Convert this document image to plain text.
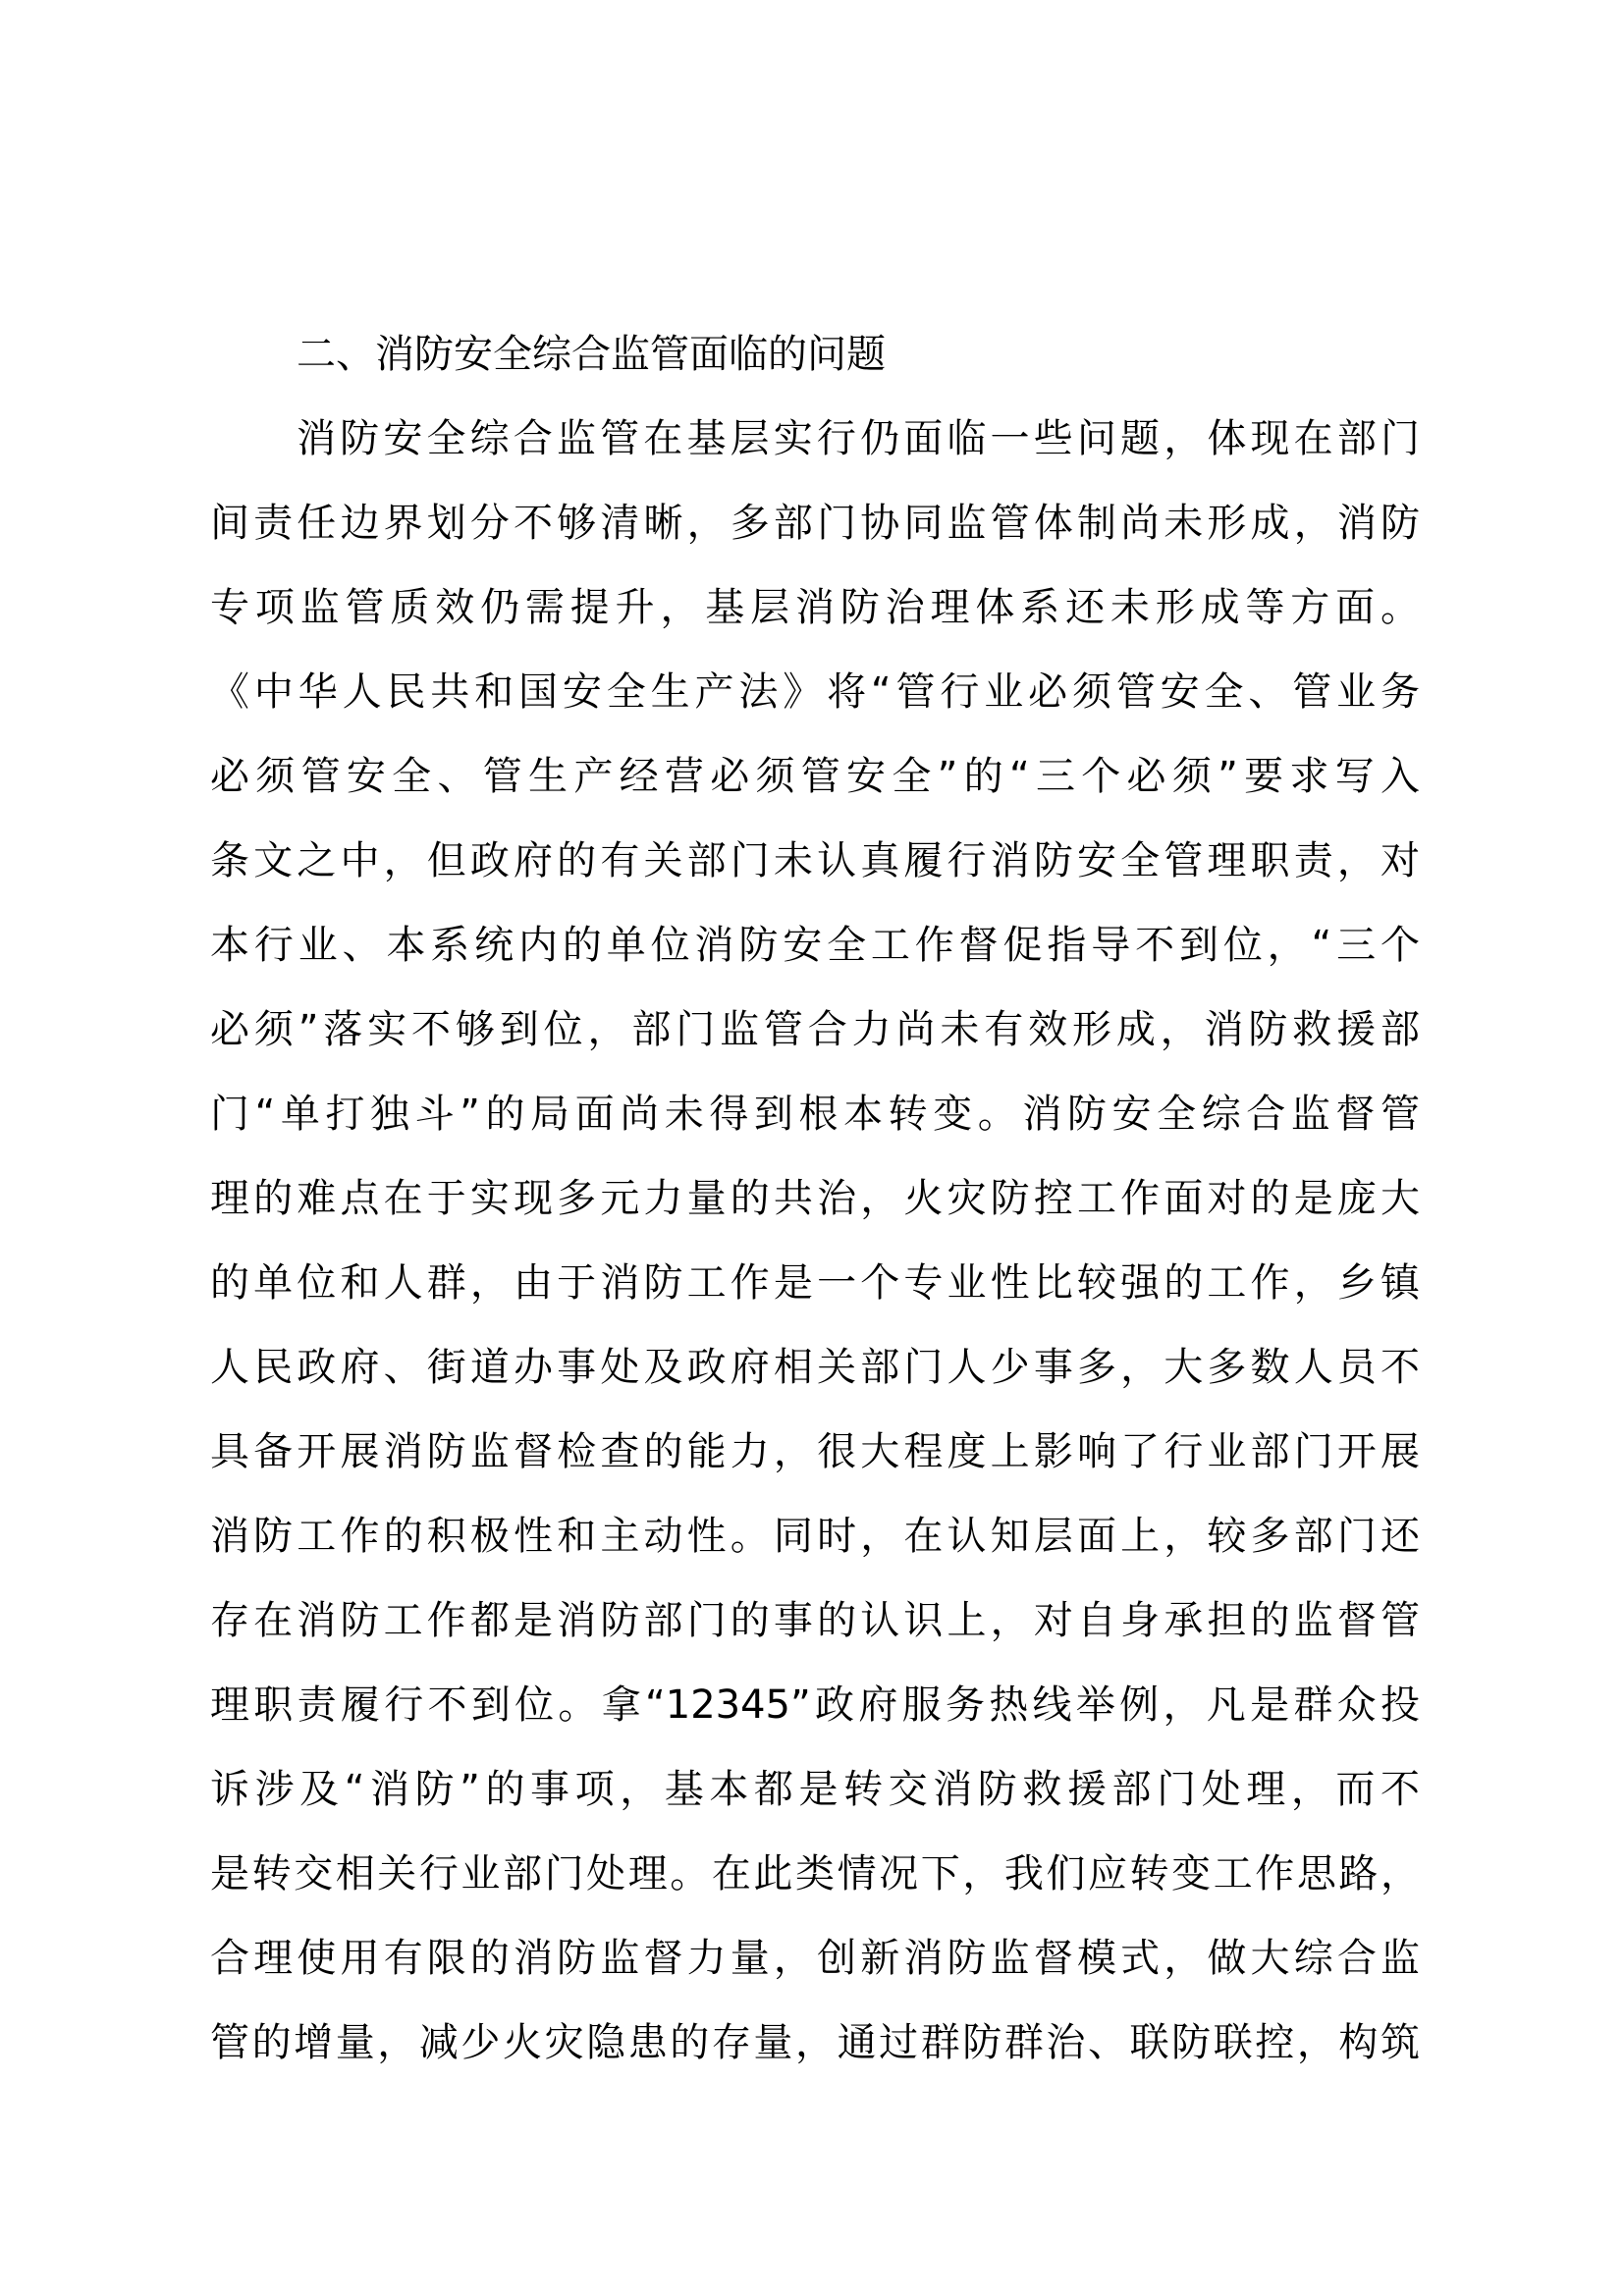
二、消防安全综合监管面临的问题
消防安全综合监管在基层实行仍面临一些问题，体现在部门
间责任边界划分不够清晰，多部门协同监管体制尚未形成，消防
专项监管质效仍需提升，基层消防治理体系还未形成等方面。
《中华人民共和国安全生产法》将“管行业必须管安全、管业务
必须管安全、管生产经营必须管安全”的“三个必须”要求写入
条文之中，但政府的有关部门未认真履行消防安全管理职责，对
本行业、本系统内的单位消防安全工作督促指导不到位，“三个
必须”落实不够到位，部门监管合力尚未有效形成，消防救援部
门“单打独斗”的局面尚未得到根本转变。消防安全综合监督管
理的难点在于实现多元力量的共治，火灾防控工作面对的是庞大
的单位和人群，由于消防工作是一个专业性比较强的工作，乡镇
人民政府、街道办事处及政府相关部门人少事多，大多数人员不
具备开展消防监督检查的能力，很大程度上影响了行业部门开展
消防工作的积极性和主动性。同时，在认知层面上，较多部门还
存在消防工作都是消防部门的事的认识上，对自身承担的监督管
理职责履行不到位。拿“12345”政府服务热线举例，凡是群众投
诉涉及“消防”的事项，基本都是转交消防救援部门处理，而不
是转交相关行业部门处理。在此类情况下，我们应转变工作思路，
合理使用有限的消防监督力量，创新消防监督模式，做大综合监
管的增量，减少火灾隐患的存量，通过群防群治、联防联控，构筑
